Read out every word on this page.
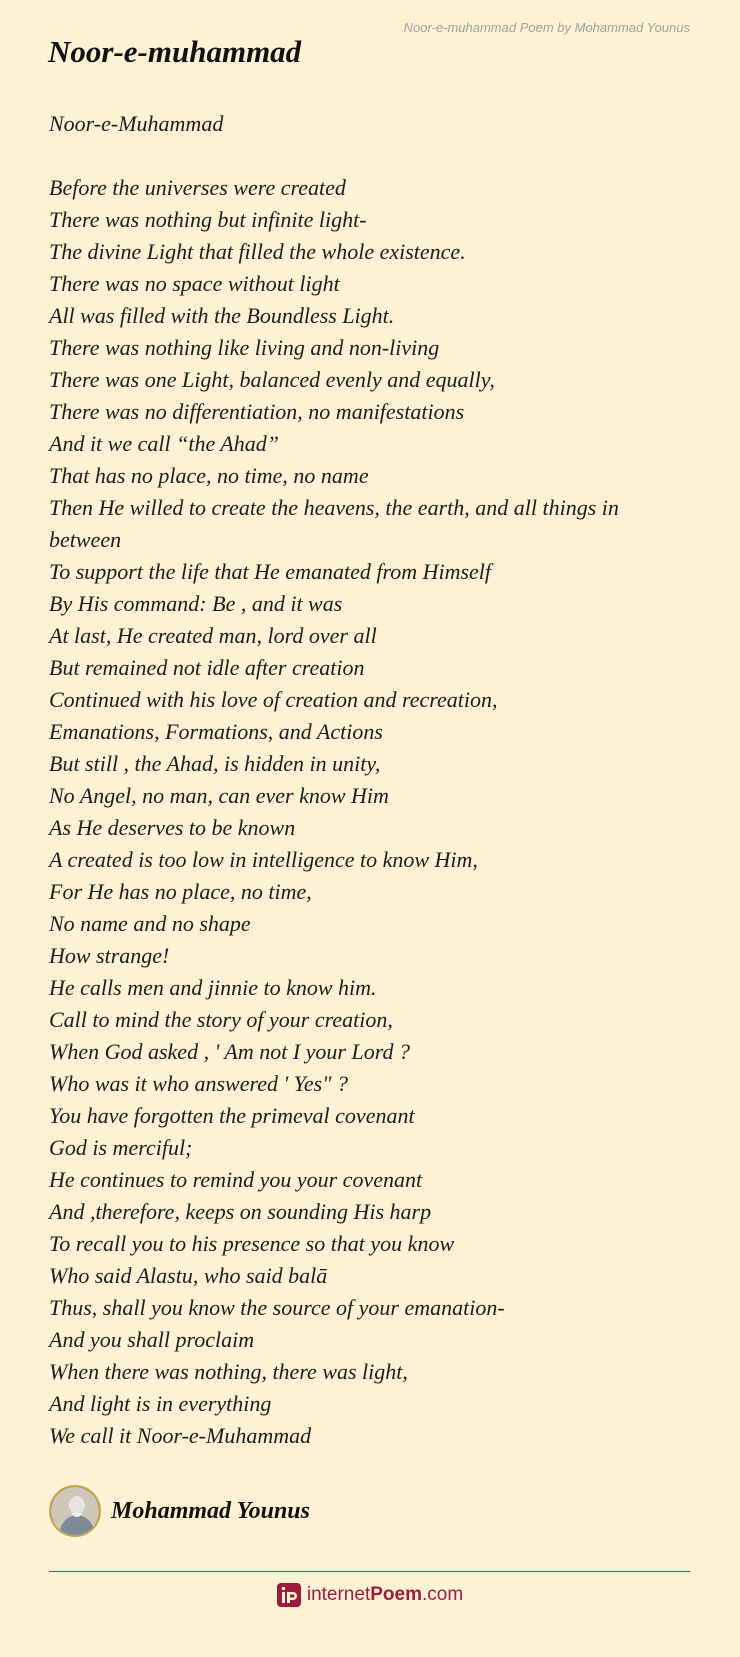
Noor-e-muhammad Poem by Mohammad Younus
Noor-e-muhammad
Noor-e-Muhammad
Before the universes were created
There was nothing but infinite light-
The divine Light that filled the whole existence.
There was no space without light
All was filled with the Boundless Light.
There was nothing like living and non-living
There was one Light, balanced evenly and equally,
There was no differentiation, no manifestations
And it we call “the Ahad”
That has no place, no time, no name
Then He willed to create the heavens, the earth, and all things in between
To support the life that He emanated from Himself
By His command: Be , and it was
At last, He created man, lord over all
But remained not idle after creation
Continued with his love of creation and recreation,
Emanations, Formations, and Actions
But still , the Ahad, is hidden in unity,
No Angel, no man, can ever know Him
As He deserves to be known
A created is too low in intelligence to know Him,
For He has no place, no time,
No name and no shape
How strange!
He calls men and jinnie to know him.
Call to mind the story of your creation,
When God asked , ' Am not I your Lord ?
Who was it who answered ' Yes" ?
You have forgotten the primeval covenant
God is merciful;
He continues to remind you your covenant
And ,therefore, keeps on sounding His harp
To recall you to his presence so that you know
Who said Alastu, who said balā
Thus, shall you know the source of your emanation-
And you shall proclaim
When there was nothing, there was light,
And light is in everything
We call it Noor-e-Muhammad
Mohammad Younus
internet Poem .com
